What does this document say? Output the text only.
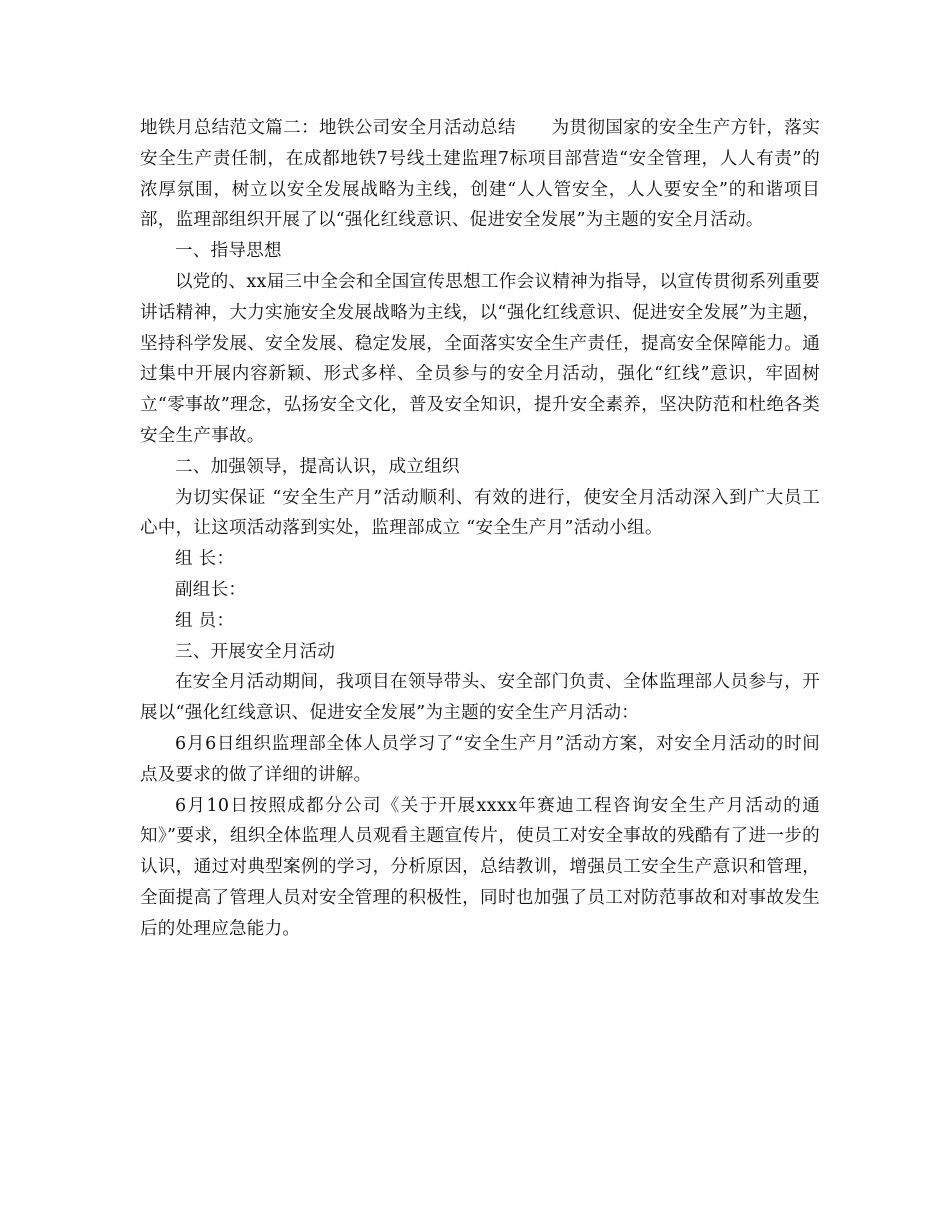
地铁月总结范文篇二：地铁公司安全月活动总结　　为贯彻国家的安全生产方针，落实安全生产责任制，在成都地铁7号线土建监理7标项目部营造“安全管理，人人有责”的浓厚氛围，树立以安全发展战略为主线，创建“人人管安全，人人要安全”的和谐项目部，监理部组织开展了以“强化红线意识、促进安全发展”为主题的安全月活动。

一、指导思想

以党的、xx届三中全会和全国宣传思想工作会议精神为指导，以宣传贯彻系列重要讲话精神，大力实施安全发展战略为主线，以“强化红线意识、促进安全发展”为主题，坚持科学发展、安全发展、稳定发展，全面落实安全生产责任，提高安全保障能力。通过集中开展内容新颖、形式多样、全员参与的安全月活动，强化“红线”意识，牢固树立“零事故”理念，弘扬安全文化，普及安全知识，提升安全素养，坚决防范和杜绝各类安全生产事故。

二、加强领导，提高认识，成立组织

为切实保证 “安全生产月”活动顺利、有效的进行，使安全月活动深入到广大员工心中，让这项活动落到实处，监理部成立 “安全生产月”活动小组。

组 长：

副组长：

组 员：

三、开展安全月活动

在安全月活动期间，我项目在领导带头、安全部门负责、全体监理部人员参与，开展以“强化红线意识、促进安全发展”为主题的安全生产月活动：

6月6日组织监理部全体人员学习了“安全生产月”活动方案，对安全月活动的时间点及要求的做了详细的讲解。

6月10日按照成都分公司《关于开展xxxx年赛迪工程咨询安全生产月活动的通知》”要求，组织全体监理人员观看主题宣传片，使员工对安全事故的残酷有了进一步的认识，通过对典型案例的学习，分析原因，总结教训，增强员工安全生产意识和管理，全面提高了管理人员对安全管理的积极性，同时也加强了员工对防范事故和对事故发生后的处理应急能力。
